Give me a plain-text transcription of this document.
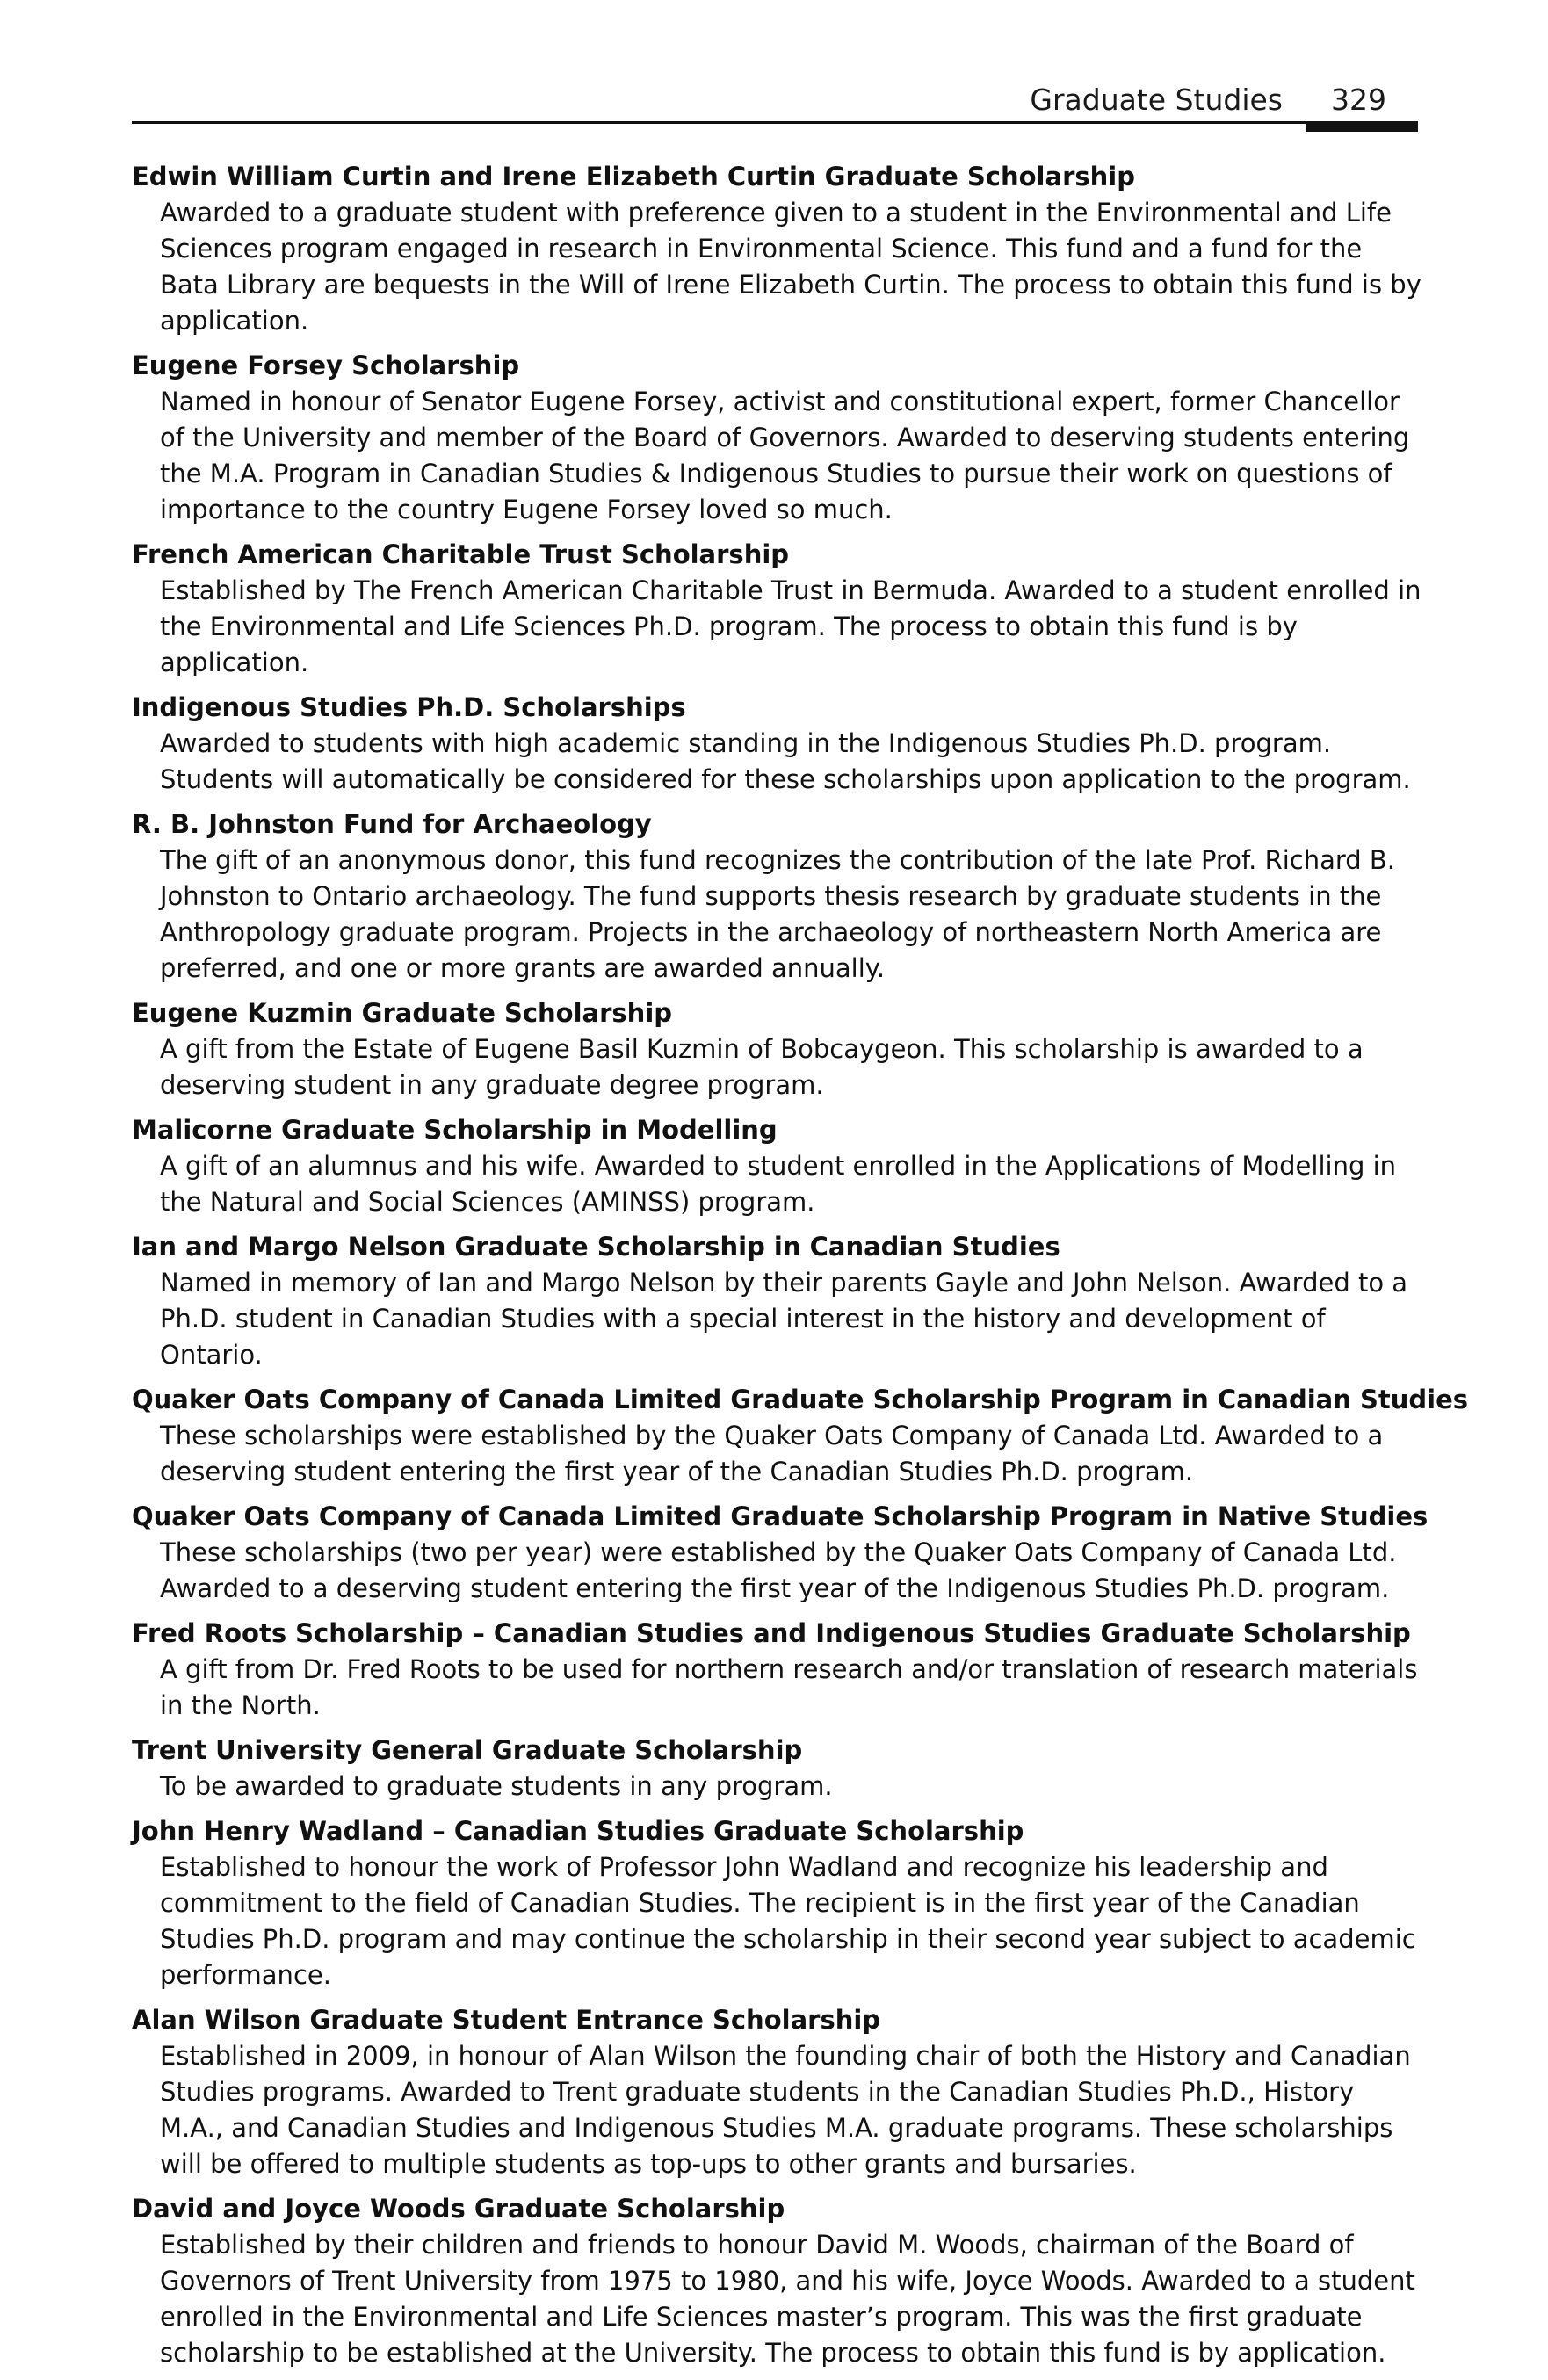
Graduate Studies 329

Edwin William Curtin and Irene Elizabeth Curtin Graduate Scholarship

Awarded to a graduate student with preference given to a student in the Environmental and Life Sciences program engaged in research in Environmental Science. This fund and a fund for the Bata Library are bequests in the Will of Irene Elizabeth Curtin. The process to obtain this fund is by application.

Eugene Forsey Scholarship

Named in honour of Senator Eugene Forsey, activist and constitutional expert, former Chancellor of the University and member of the Board of Governors. Awarded to deserving students entering the M.A. Program in Canadian Studies & Indigenous Studies to pursue their work on questions of importance to the country Eugene Forsey loved so much.

French American Charitable Trust Scholarship

Established by The French American Charitable Trust in Bermuda. Awarded to a student enrolled in the Environmental and Life Sciences Ph.D. program. The process to obtain this fund is by application.

Indigenous Studies Ph.D. Scholarships

Awarded to students with high academic standing in the Indigenous Studies Ph.D. program. Students will automatically be considered for these scholarships upon application to the program.

R. B. Johnston Fund for Archaeology

The gift of an anonymous donor, this fund recognizes the contribution of the late Prof. Richard B. Johnston to Ontario archaeology. The fund supports thesis research by graduate students in the Anthropology graduate program. Projects in the archaeology of northeastern North America are preferred, and one or more grants are awarded annually.

Eugene Kuzmin Graduate Scholarship

A gift from the Estate of Eugene Basil Kuzmin of Bobcaygeon. This scholarship is awarded to a deserving student in any graduate degree program.

Malicorne Graduate Scholarship in Modelling

A gift of an alumnus and his wife. Awarded to student enrolled in the Applications of Modelling in the Natural and Social Sciences (AMINSS) program.

Ian and Margo Nelson Graduate Scholarship in Canadian Studies

Named in memory of Ian and Margo Nelson by their parents Gayle and John Nelson. Awarded to a Ph.D. student in Canadian Studies with a special interest in the history and development of Ontario.

Quaker Oats Company of Canada Limited Graduate Scholarship Program in Canadian Studies

These scholarships were established by the Quaker Oats Company of Canada Ltd. Awarded to a deserving student entering the first year of the Canadian Studies Ph.D. program.

Quaker Oats Company of Canada Limited Graduate Scholarship Program in Native Studies

These scholarships (two per year) were established by the Quaker Oats Company of Canada Ltd. Awarded to a deserving student entering the first year of the Indigenous Studies Ph.D. program.

Fred Roots Scholarship – Canadian Studies and Indigenous Studies Graduate Scholarship

A gift from Dr. Fred Roots to be used for northern research and/or translation of research materials in the North.

Trent University General Graduate Scholarship

To be awarded to graduate students in any program.

John Henry Wadland – Canadian Studies Graduate Scholarship

Established to honour the work of Professor John Wadland and recognize his leadership and commitment to the field of Canadian Studies. The recipient is in the first year of the Canadian Studies Ph.D. program and may continue the scholarship in their second year subject to academic performance.

Alan Wilson Graduate Student Entrance Scholarship

Established in 2009, in honour of Alan Wilson the founding chair of both the History and Canadian Studies programs. Awarded to Trent graduate students in the Canadian Studies Ph.D., History M.A., and Canadian Studies and Indigenous Studies M.A. graduate programs. These scholarships will be offered to multiple students as top-ups to other grants and bursaries.

David and Joyce Woods Graduate Scholarship

Established by their children and friends to honour David M. Woods, chairman of the Board of Governors of Trent University from 1975 to 1980, and his wife, Joyce Woods. Awarded to a student enrolled in the Environmental and Life Sciences master’s program. This was the first graduate scholarship to be established at the University. The process to obtain this fund is by application.
